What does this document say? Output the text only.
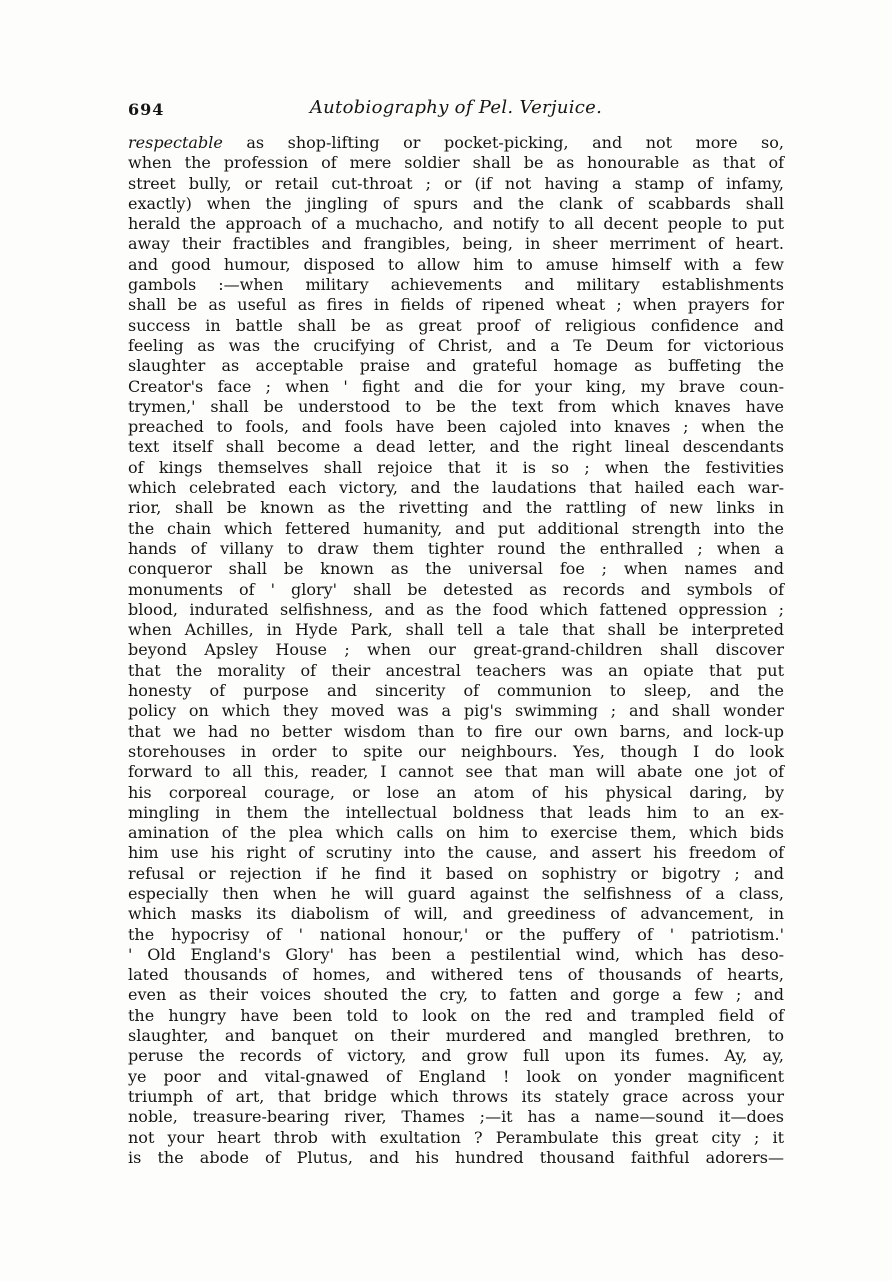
694	Autobiography of Pel. Verjuice.
respectable as shop-lifting or pocket-picking, and not more so,
when the profession of mere soldier shall be as honourable as that of
street bully, or retail cut-throat ; or (if not having a stamp of infamy,
exactly) when the jingling of spurs and the clank of scabbards shall
herald the approach of a muchacho, and notify to all decent people to put
away their fractibles and frangibles, being, in sheer merriment of heart.
and good humour, disposed to allow him to amuse himself with a few
gambols :—when military achievements and military establishments
shall be as useful as fires in fields of ripened wheat ; when prayers for
success in battle shall be as great proof of religious confidence and
feeling as was the crucifying of Christ, and a Te Deum for victorious
slaughter as acceptable praise and grateful homage as buffeting the
Creator's face ; when ' fight and die for your king, my brave coun-
trymen,' shall be understood to be the text from which knaves have
preached to fools, and fools have been cajoled into knaves ; when the
text itself shall become a dead letter, and the right lineal descendants
of kings themselves shall rejoice that it is so ; when the festivities
which celebrated each victory, and the laudations that hailed each war-
rior, shall be known as the rivetting and the rattling of new links in
the chain which fettered humanity, and put additional strength into the
hands of villany to draw them tighter round the enthralled ; when a
conqueror shall be known as the universal foe ; when names and
monuments of ' glory' shall be detested as records and symbols of
blood, indurated selfishness, and as the food which fattened oppression ;
when Achilles, in Hyde Park, shall tell a tale that shall be interpreted
beyond Apsley House ; when our great-grand-children shall discover
that the morality of their ancestral teachers was an opiate that put
honesty of purpose and sincerity of communion to sleep, and the
policy on which they moved was a pig's swimming ; and shall wonder
that we had no better wisdom than to fire our own barns, and lock-up
storehouses in order to spite our neighbours. Yes, though I do look
forward to all this, reader, I cannot see that man will abate one jot of
his corporeal courage, or lose an atom of his physical daring, by
mingling in them the intellectual boldness that leads him to an ex-
amination of the plea which calls on him to exercise them, which bids
him use his right of scrutiny into the cause, and assert his freedom of
refusal or rejection if he find it based on sophistry or bigotry ; and
especially then when he will guard against the selfishness of a class,
which masks its diabolism of will, and greediness of advancement, in
the hypocrisy of ' national honour,' or the puffery of ' patriotism.'
' Old England's Glory' has been a pestilential wind, which has deso-
lated thousands of homes, and withered tens of thousands of hearts,
even as their voices shouted the cry, to fatten and gorge a few ; and
the hungry have been told to look on the red and trampled field of
slaughter, and banquet on their murdered and mangled brethren, to
peruse the records of victory, and grow full upon its fumes. Ay, ay,
ye poor and vital-gnawed of England ! look on yonder magnificent
triumph of art, that bridge which throws its stately grace across your
noble, treasure-bearing river, Thames ;—it has a name—sound it—does
not your heart throb with exultation ? Perambulate this great city ; it
is the abode of Plutus, and his hundred thousand faithful adorers—
